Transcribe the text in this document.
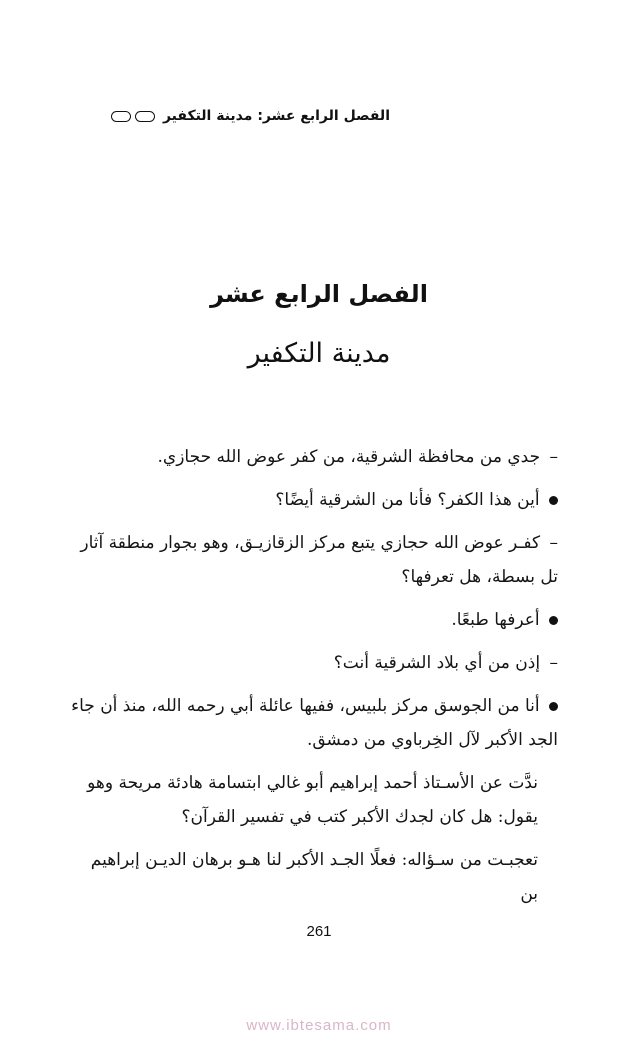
الفصل الرابع عشر: مدينة التكفير
الفصل الرابع عشر
مدينة التكفير

– جدي من محافظة الشرقية، من كفر عوض الله حجازي.

أين هذا الكفر؟ فأنا من الشرقية أيضًا؟

– كفـر عوض الله حجازي يتبع مركز الزقازيـق، وهو بجوار منطقة آثار تل بسطة، هل تعرفها؟

أعرفها طبعًا.

– إذن من أي بلاد الشرقية أنت؟

أنا من الجوسق مركز بلبيس، ففيها عائلة أبي رحمه الله، منذ أن جاء الجد الأكبر لآل الخِرباوي من دمشق.

ندَّت عن الأسـتاذ أحمد إبراهيم أبو غالي ابتسامة هادئة مريحة وهو يقول: هل كان لجدك الأكبر كتب في تفسير القرآن؟

تعجبـت من سـؤاله: فعلًا الجـد الأكبر لنا هـو برهان الديـن إبراهيم بن

261
www.ibtesama.com
